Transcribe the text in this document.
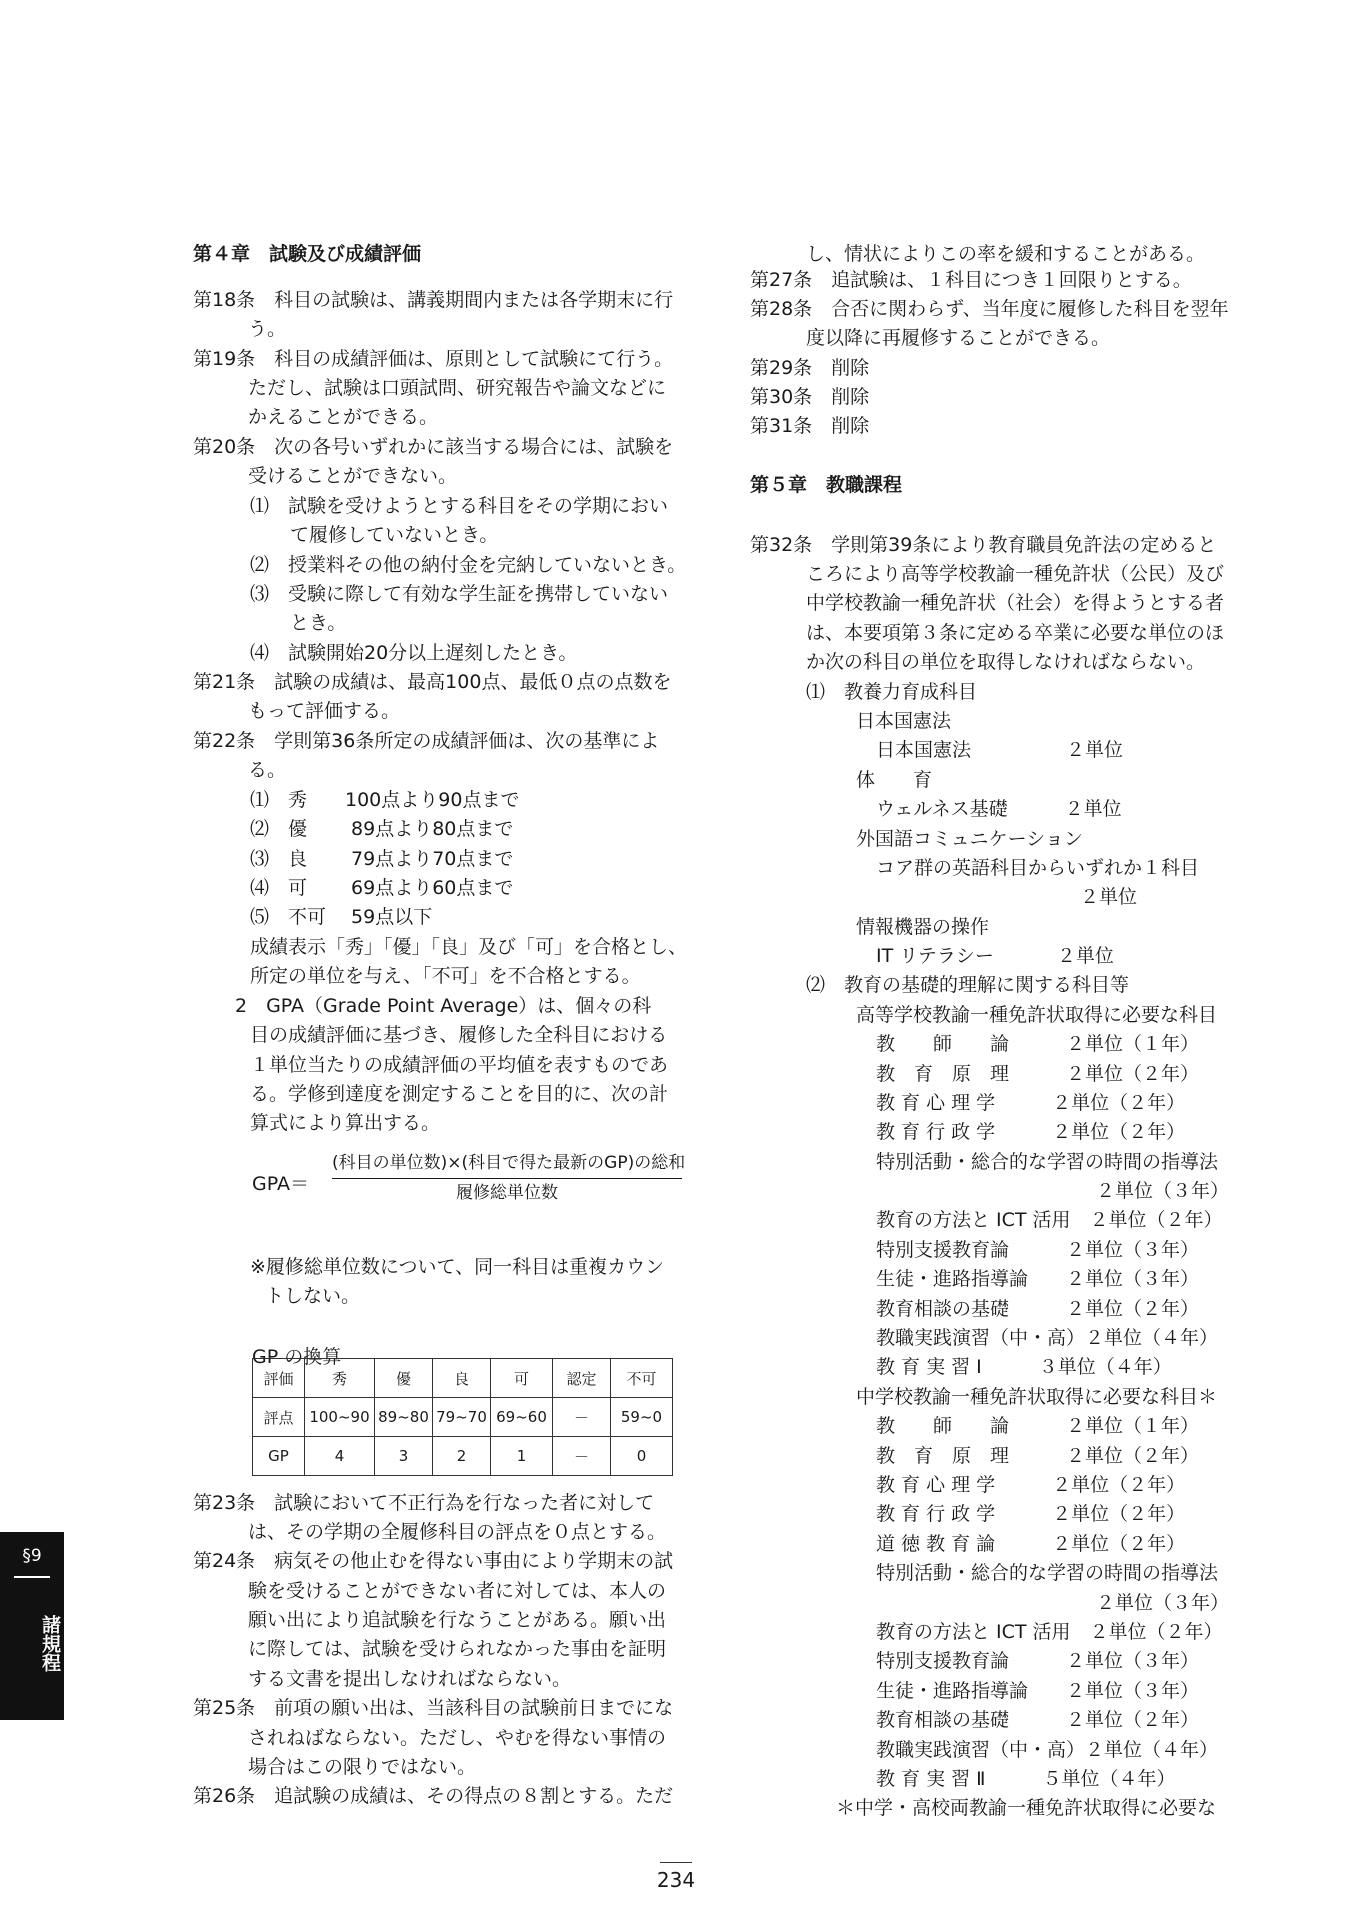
第４章　試験及び成績評価
第18条　科目の試験は、講義期間内または各学期末に行
う。
第19条　科目の成績評価は、原則として試験にて行う。
ただし、試験は口頭試問、研究報告や論文などに
かえることができる。
第20条　次の各号いずれかに該当する場合には、試験を
受けることができない。
⑴　試験を受けようとする科目をその学期におい
て履修していないとき。
⑵　授業料その他の納付金を完納していないとき。
⑶　受験に際して有効な学生証を携帯していない
とき。
⑷　試験開始20分以上遅刻したとき。
第21条　試験の成績は、最高100点、最低０点の点数を
もって評価する。
第22条　学則第36条所定の成績評価は、次の基準によ
る。
⑴　秀　　100点より90点まで
⑵　優　　 89点より80点まで
⑶　良　　 79点より70点まで
⑷　可　　 69点より60点まで
⑸　不可　 59点以下
成績表示「秀」「優」「良」及び「可」を合格とし、
所定の単位を与え、「不可」を不合格とする。
2　GPA（Grade Point Average）は、個々の科
目の成績評価に基づき、履修した全科目における
１単位当たりの成績評価の平均値を表すものであ
る。学修到達度を測定することを目的に、次の計
算式により算出する。
※履修総単位数について、同一科目は重複カウン
トしない。
GP の換算
第23条　試験において不正行為を行なった者に対して
は、その学期の全履修科目の評点を０点とする。
第24条　病気その他止むを得ない事由により学期末の試
験を受けることができない者に対しては、本人の
願い出により追試験を行なうことがある。願い出
に際しては、試験を受けられなかった事由を証明
する文書を提出しなければならない。
第25条　前項の願い出は、当該科目の試験前日までにな
されねばならない。ただし、やむを得ない事情の
場合はこの限りではない。
第26条　追試験の成績は、その得点の８割とする。ただ
し、情状によりこの率を緩和することがある。
第27条　追試験は、１科目につき１回限りとする。
第28条　合否に関わらず、当年度に履修した科目を翌年
度以降に再履修することができる。
第29条　削除
第30条　削除
第31条　削除
第５章　教職課程
第32条　学則第39条により教育職員免許法の定めると
ころにより高等学校教諭一種免許状（公民）及び
中学校教諭一種免許状（社会）を得ようとする者
は、本要項第３条に定める卒業に必要な単位のほ
か次の科目の単位を取得しなければならない。
⑴　教養力育成科目
日本国憲法
日本国憲法　　　　　２単位
体　　育
ウェルネス基礎　　　２単位
外国語コミュニケーション
コア群の英語科目からいずれか１科目
２単位
情報機器の操作
IT リテラシー　　　 ２単位
⑵　教育の基礎的理解に関する科目等
高等学校教諭一種免許状取得に必要な科目
教　　師　　論　　　２単位（１年）
教　育　原　理　　　２単位（２年）
教 育 心 理 学　　　２単位（２年）
教 育 行 政 学　　　２単位（２年）
特別活動・総合的な学習の時間の指導法
２単位（３年）
教育の方法と ICT 活用　２単位（２年）
特別支援教育論　　　２単位（３年）
生徒・進路指導論　　２単位（３年）
教育相談の基礎　　　２単位（２年）
教職実践演習（中・高）２単位（４年）
教 育 実 習 Ⅰ　　　３単位（４年）
中学校教諭一種免許状取得に必要な科目＊
教　　師　　論　　　２単位（１年）
教　育　原　理　　　２単位（２年）
教 育 心 理 学　　　２単位（２年）
教 育 行 政 学　　　２単位（２年）
道 徳 教 育 論　　　２単位（２年）
特別活動・総合的な学習の時間の指導法
２単位（３年）
教育の方法と ICT 活用　２単位（２年）
特別支援教育論　　　２単位（３年）
生徒・進路指導論　　２単位（３年）
教育相談の基礎　　　２単位（２年）
教職実践演習（中・高）２単位（４年）
教 育 実 習 Ⅱ　　　５単位（４年）
＊中学・高校両教諭一種免許状取得に必要な
GPA＝
(科目の単位数)×(科目で得た最新のGP)の総和
履修総単位数
評価	秀	優	良	可	認定	不可
評点	100~90	89~80	79~70	69~60	－	59~0
GP	4	3	2	1	－	0
§9
諸規程
234
